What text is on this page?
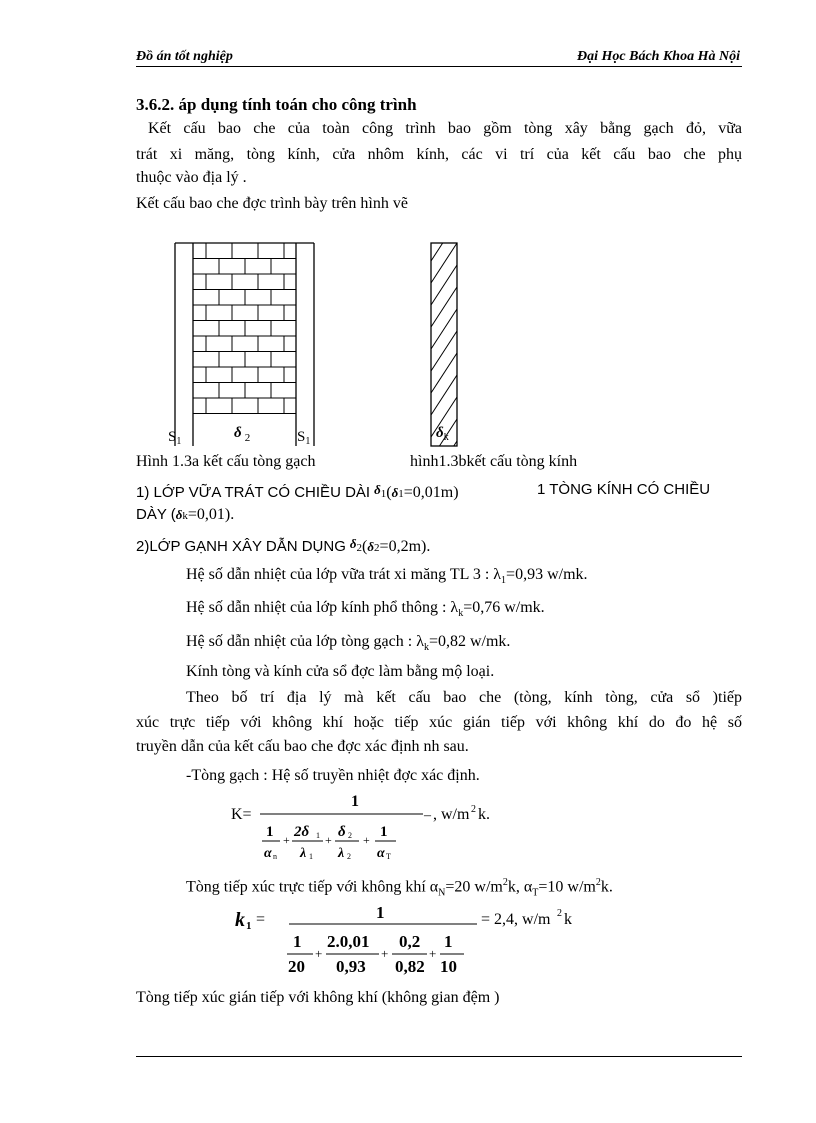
Đồ án tốt nghiệp	Đại Học Bách Khoa Hà Nội
3.6.2. áp dụng tính toán cho công trình
Kết cấu bao che của toàn công trình bao gồm tòng xây bằng gạch đỏ, vữa
trát xi măng, tòng kính, cửa nhôm kính, các vi trí của kết cấu bao che phụ
thuộc vào địa lý .
Kết cấu bao che đợc trình bày trên hình vẽ
$S_1$
δ $_2$	$S_1$
$\delta_k$
Hình 1.3a kết cấu tòng gạch	hình1.3bkết cấu tòng kính
1) LỚP VỮA TRÁT CÓ CHIỀU DÀI δ1(δ1=0,01m)	1 TÒNG KÍNH CÓ CHIỀU
DÀY (δk=0,01).
2)LỚP GẠNH XÂY DẪN DỤNG δ2(δ2=0,2m).
Hệ số dẫn nhiệt của lớp vữa trát xi măng TL 3 : $\lambda_1=0,93$ w/mk.
Hệ số dẫn nhiệt của lớp kính phổ thông : $\lambda_k=0,76$ w/mk.
Hệ số dẫn nhiệt của lớp tòng gạch : $\lambda_k=0,82$ w/mk.
Kính tòng và kính cửa sổ đợc làm bằng mộ loại.
Theo bố trí địa lý mà kết cấu bao che (tòng, kính tòng, cửa sổ )tiếp
xúc trực tiếp với không khí hoặc tiếp xúc gián tiếp với không khí do đo hệ số
truyền dẫn của kết cấu bao che đợc xác định nh sau.
-Tòng gạch : Hệ số truyền nhiệt đợc xác định.
K=
1
– , w/m 2 k.
1
α n
+ 2δ 1
λ 1
+ δ 2
λ 2
+ 1
α T
Tòng tiếp xúc trực tiếp với không khí $\alpha_N=20$ $w/m^2k$, $\alpha_T=10$ $w/m^2k$.
k 1 =	1	= 2,4, w/m 2 k
1
20
+
2.0,01
0,93
+
0,2
0,82
+
1
10
Tòng tiếp xúc gián tiếp với không khí (không gian đệm )
